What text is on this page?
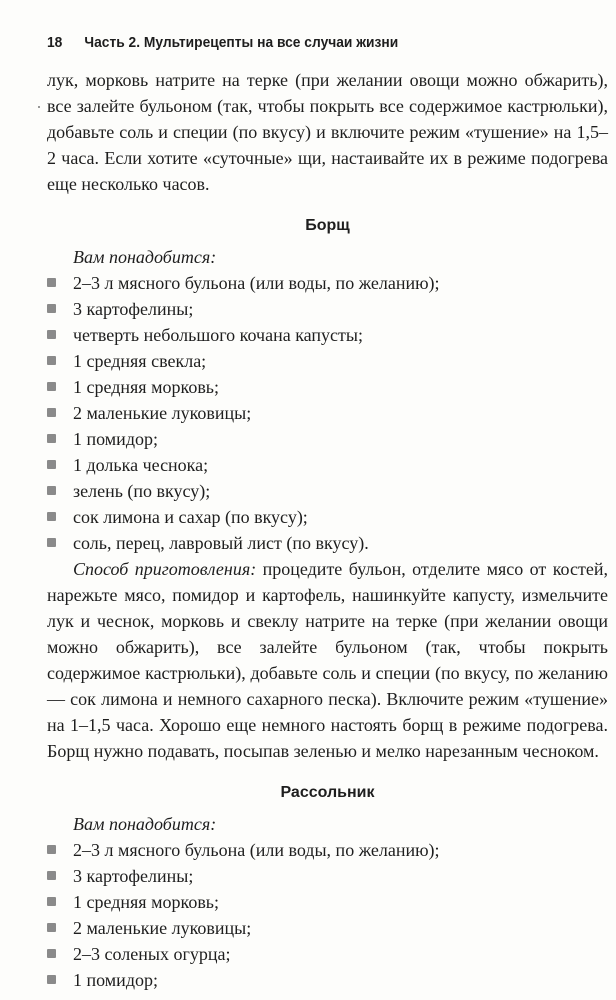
18 Часть 2. Мультирецепты на все случаи жизни

лук, морковь натрите на терке (при желании овощи можно обжарить), все залейте бульоном (так, чтобы покрыть все содержимое кастрюльки), добавьте соль и специи (по вкусу) и включите режим «тушение» на 1,5–2 часа. Если хотите «суточные» щи, настаивайте их в режиме подогрева еще несколько часов.

Борщ
Вам понадобится:
2–3 л мясного бульона (или воды, по желанию);
3 картофелины;
четверть небольшого кочана капусты;
1 средняя свекла;
1 средняя морковь;
2 маленькие луковицы;
1 помидор;
1 долька чеснока;
зелень (по вкусу);
сок лимона и сахар (по вкусу);
соль, перец, лавровый лист (по вкусу).

Способ приготовления: процедите бульон, отделите мясо от костей, нарежьте мясо, помидор и картофель, нашинкуйте капусту, измельчите лук и чеснок, морковь и свеклу натрите на терке (при желании овощи можно обжарить), все залейте бульоном (так, чтобы покрыть содержимое кастрюльки), добавьте соль и специи (по вкусу, по желанию — сок лимона и немного сахарного песка). Включите режим «тушение» на 1–1,5 часа. Хорошо еще немного настоять борщ в режиме подогрева. Борщ нужно подавать, посыпав зеленью и мелко нарезанным чесноком.

Рассольник
Вам понадобится:
2–3 л мясного бульона (или воды, по желанию);
3 картофелины;
1 средняя морковь;
2 маленькие луковицы;
2–3 соленых огурца;
1 помидор;
